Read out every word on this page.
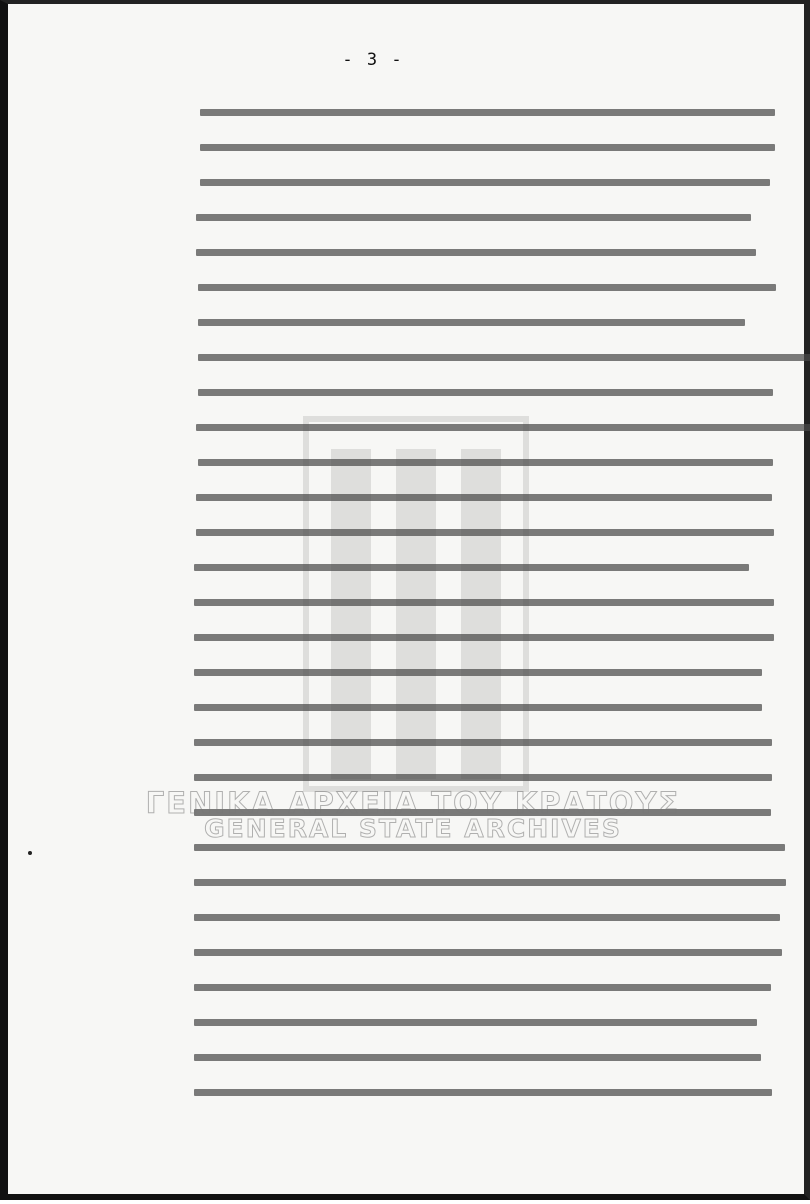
- 3 -
ΓΕΝΙΚΑ ΑΡΧΕΙΑ ΤΟΥ ΚΡΑΤΟΥΣ
GENERAL STATE ARCHIVES
